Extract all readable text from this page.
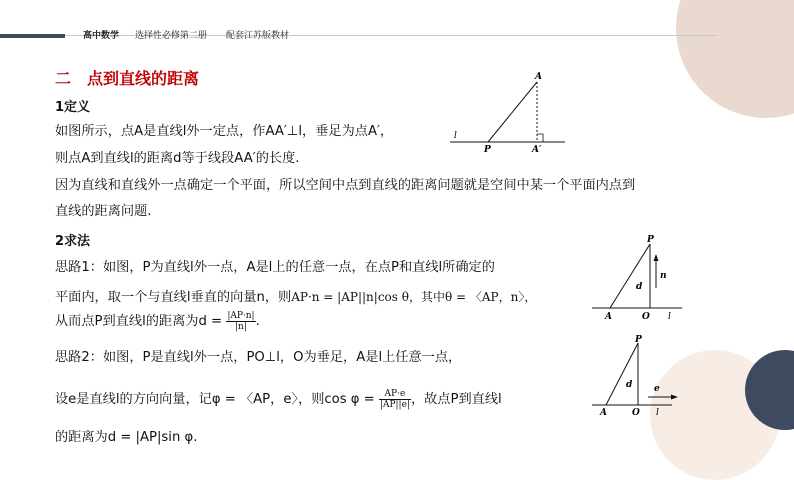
高中数学 选择性必修第二册 配套江苏版教材
二　点到直线的距离
1定义
如图所示，点A是直线l外一定点，作AA′⊥l，垂足为点A′，
则点A到直线l的距离d等于线段AA′的长度.
因为直线和直线外一点确定一个平面，所以空间中点到直线的距离问题就是空间中某一个平面内点到
直线的距离问题.
2求法
思路1：如图，P为直线l外一点，A是l上的任意一点，在点P和直线l所确定的
平面内，取一个与直线l垂直的向量n，则AP·n = |AP||n|cos θ，其中θ = 〈AP，n〉，
从而点P到直线l的距离为$d = \frac{|AP\cdot n|}{|n|}$ .
思路2：如图，P是直线l外一点，PO⊥l，O为垂足，A是l上任意一点，
设e是直线l的方向向量，记φ = 〈AP，e〉，则$\cos \varphi = \frac{AP\cdot e}{|AP||e|}$ ，故点P到直线l
的距离为d = |AP|sin φ.
A
l
P	A′
P
A	O l
n
d
P
A	O l
e
d
